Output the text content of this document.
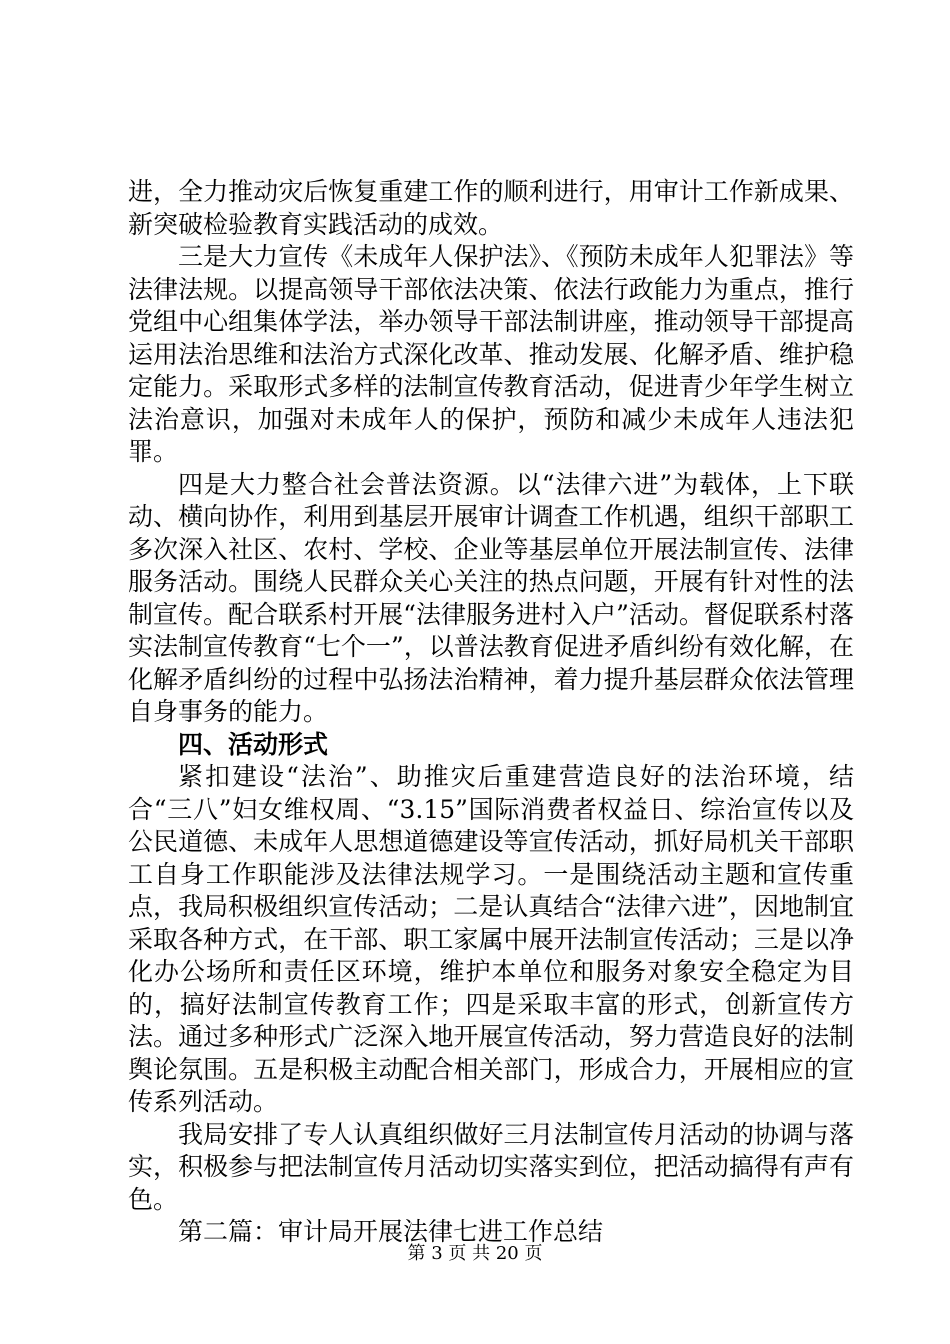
进，全力推动灾后恢复重建工作的顺利进行，用审计工作新成果、新突破检验教育实践活动的成效。

三是大力宣传《未成年人保护法》、《预防未成年人犯罪法》等法律法规。以提高领导干部依法决策、依法行政能力为重点，推行党组中心组集体学法，举办领导干部法制讲座，推动领导干部提高运用法治思维和法治方式深化改革、推动发展、化解矛盾、维护稳定能力。采取形式多样的法制宣传教育活动，促进青少年学生树立法治意识，加强对未成年人的保护，预防和减少未成年人违法犯罪。

四是大力整合社会普法资源。以“法律六进”为载体，上下联动、横向协作，利用到基层开展审计调查工作机遇，组织干部职工多次深入社区、农村、学校、企业等基层单位开展法制宣传、法律服务活动。围绕人民群众关心关注的热点问题，开展有针对性的法制宣传。配合联系村开展“法律服务进村入户”活动。督促联系村落实法制宣传教育“七个一”，以普法教育促进矛盾纠纷有效化解，在化解矛盾纠纷的过程中弘扬法治精神，着力提升基层群众依法管理自身事务的能力。

四、活动形式

紧扣建设“法治”、助推灾后重建营造良好的法治环境，结合“三八”妇女维权周、“3.15”国际消费者权益日、综治宣传以及公民道德、未成年人思想道德建设等宣传活动，抓好局机关干部职工自身工作职能涉及法律法规学习。一是围绕活动主题和宣传重点，我局积极组织宣传活动；二是认真结合“法律六进”，因地制宜采取各种方式，在干部、职工家属中展开法制宣传活动；三是以净化办公场所和责任区环境，维护本单位和服务对象安全稳定为目的，搞好法制宣传教育工作；四是采取丰富的形式，创新宣传方法。通过多种形式广泛深入地开展宣传活动，努力营造良好的法制舆论氛围。五是积极主动配合相关部门，形成合力，开展相应的宣传系列活动。

我局安排了专人认真组织做好三月法制宣传月活动的协调与落实，积极参与把法制宣传月活动切实落实到位，把活动搞得有声有色。

第二篇：审计局开展法律七进工作总结

第 3 页 共 20 页
